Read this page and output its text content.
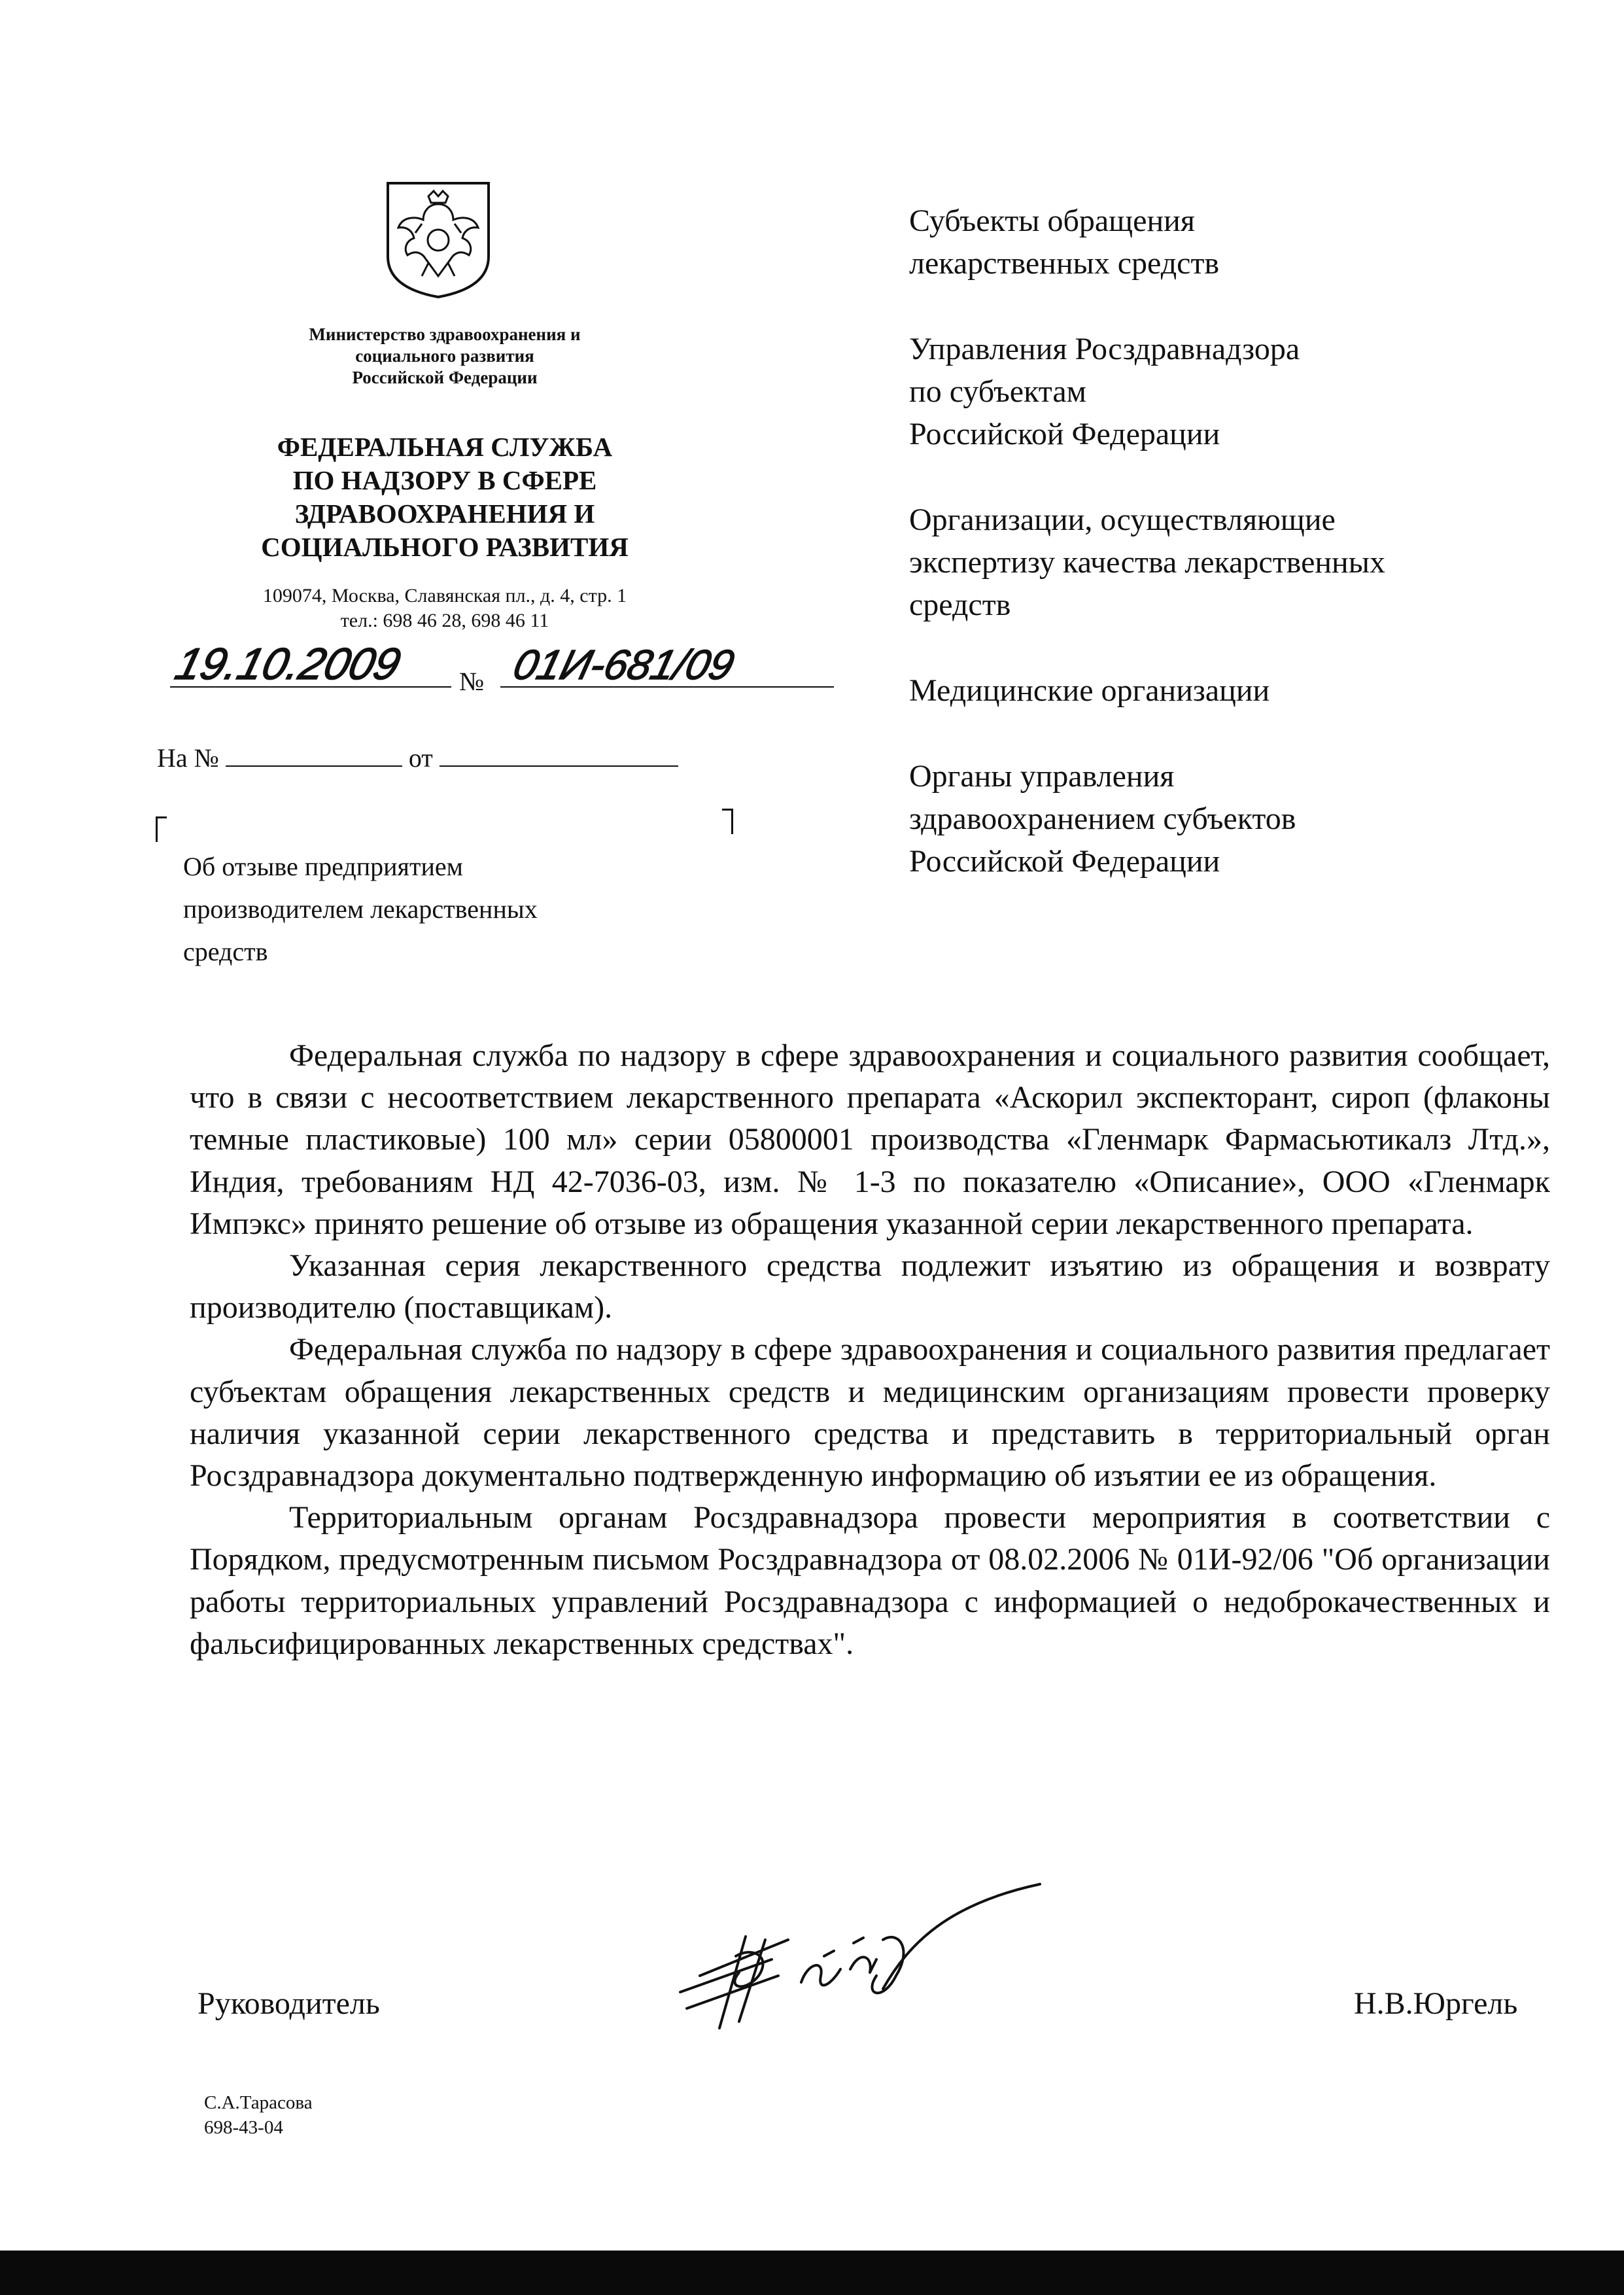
Министерство здравоохранения и
социального развития
Российской Федерации
ФЕДЕРАЛЬНАЯ СЛУЖБА
ПО НАДЗОРУ В СФЕРЕ
ЗДРАВООХРАНЕНИЯ И
СОЦИАЛЬНОГО РАЗВИТИЯ
109074, Москва, Славянская пл., д. 4, стр. 1
тел.: 698 46 28, 698 46 11
19.10.2009 № 01И-681/09
На №	от
Об отзыве предприятием
производителем лекарственных
средств

Субъекты обращения

лекарственных средств

Управления Росздравнадзора

по субъектам

Российской Федерации

Организации, осуществляющие

экспертизу качества лекарственных

средств

Медицинские организации

Органы управления

здравоохранением субъектов

Российской Федерации

Федеральная служба по надзору в сфере здравоохранения и социального развития сообщает, что в связи с несоответствием лекарственного препарата «Аскорил экспекторант, сироп (флаконы темные пластиковые) 100 мл» серии 05800001 производства «Гленмарк Фармасьютикалз Лтд.», Индия, требованиям НД 42-7036-03, изм. № 1-3 по показателю «Описание», ООО «Гленмарк Импэкс» принято решение об отзыве из обращения указанной серии лекарственного препарата.

Указанная серия лекарственного средства подлежит изъятию из обращения и возврату производителю (поставщикам).

Федеральная служба по надзору в сфере здравоохранения и социального развития предлагает субъектам обращения лекарственных средств и медицинским организациям провести проверку наличия указанной серии лекарственного средства и представить в территориальный орган Росздравнадзора документально подтвержденную информацию об изъятии ее из обращения.

Территориальным органам Росздравнадзора провести мероприятия в соответствии с Порядком, предусмотренным письмом Росздравнадзора от 08.02.2006 № 01И-92/06 "Об организации работы территориальных управлений Росздравнадзора с информацией о недоброкачественных и фальсифицированных лекарственных средствах".

Руководитель	Н.В.Юргель
С.А.Тарасова
698-43-04
